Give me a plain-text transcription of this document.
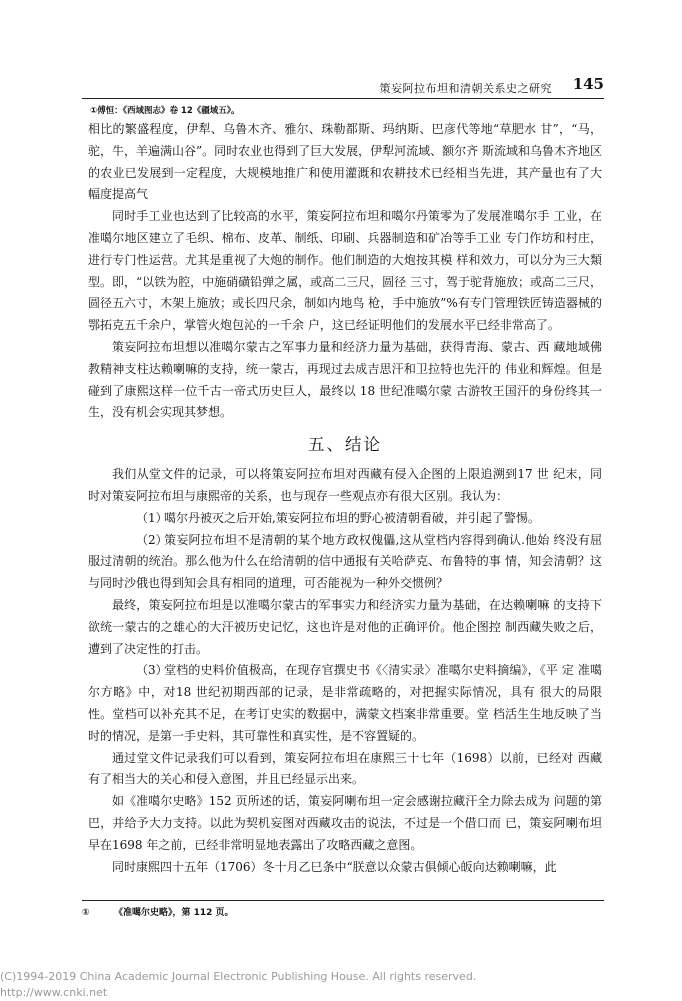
策妄阿拉布坦和清朝关系史之研究 145
①傅恒：《西域图志》卷 12《疆域五》。

相比的繁盛程度，伊犁、乌鲁木齐、雅尔、珠勒都斯、玛纳斯、巴彦代等地“草肥水 甘”，“马，驼，牛，羊遍满山谷”。同时农业也得到了巨大发展，伊犁河流域、额尔齐 斯流域和乌鲁木齐地区的农业已发展到一定程度，大规模地推广和使用灌溉和农耕技术已经相当先进，其产量也有了大幅度提高气

同时手工业也达到了比较高的水平，策妄阿拉布坦和噶尔丹策零为了发展准噶尔手 工业，在准噶尔地区建立了毛织、棉布、皮革、制纸、印刷、兵器制造和矿冶等手工业 专门作坊和村庄，进行专门性运营。尤其是重视了大炮的制作。他们制造的大炮按其模 样和效力，可以分为三大類型。即，“以铁为腔，中施硝磺铅弹之属，或高二三尺，圆径 三寸，驾于驼背施放；或高二三尺，圆径五六寸，木架上施放；或长四尺余，制如内地鸟 枪，手中施放”%有专门管理铁匠铸造器械的鄂拓克五千余户，掌管火炮包沁的一千余 户，这已经证明他们的发展水平已经非常高了。

策妄阿拉布坦想以准噶尔蒙古之军事力量和经济力量为基础，获得青海、蒙古、西 藏地域佛教精神支柱达赖喇嘛的支持，统一蒙古，再现过去成吉思汗和卫拉特也先汗的 伟业和辉煌。但是碰到了康熙这样一位千古一帝式历史巨人，最终以 18 世纪准噶尔蒙 古游牧王国汗的身份终其一生，没有机会实现其梦想。

五、结论

我们从堂文件的记录，可以将策妄阿拉布坦对西藏有侵入企图的上限追溯到17 世 纪末，同时对策妄阿拉布坦与康熙帝的关系，也与现存一些观点亦有很大区别。我认为：

（1）噶尔丹被灭之后开始,策妄阿拉布坦的野心被清朝看破，并引起了警惕。

（2）策妄阿拉布坦不是清朝的某个地方政权傀儡,这从堂档内容得到确认.他始 终没有屈服过清朝的统治。那么他为什么在给清朝的信中通报有关哈萨克、布鲁特的事 情，知会清朝？这与同时沙俄也得到知会具有相同的道理，可否能视为一种外交惯例？

最终，策妄阿拉布坦是以准噶尔蒙古的军事实力和经济实力量为基础，在达赖喇嘛 的支持下欲统一蒙古的之雄心的大汗被历史记忆，这也许是对他的正确评价。他企图控 制西藏失败之后，遭到了决定性的打击。

（3）堂档的史料价值极高，在现存官撰史书《〈清实录〉准噶尔史料摘编》，《平 定 准噶尔方略》中，对18 世纪初期西部的记录，是非常疏略的，对把握实际情况，具有 很大的局限性。堂档可以补充其不足，在考订史实的数据中，满蒙文档案非常重要。堂 档活生生地反映了当时的情况，是第一手史料，其可靠性和真实性，是不容置疑的。

通过堂文件记录我们可以看到，策妄阿拉布坦在康熙三十七年（1698）以前，已经对 西藏有了相当大的关心和侵入意图，并且已经显示出来。

如《准噶尔史略》152 页所述的话，策妄阿喇布坦一定会感谢拉藏汗全力除去成为 问题的第巴，并给予大力支持。以此为契机妄图对西藏攻击的说法，不过是一个借口而 已，策妄阿喇布坦早在1698 年之前，已经非常明显地表露出了攻略西藏之意图。

同时康熙四十五年（1706）冬十月乙巳条中“朕意以众蒙古俱倾心皈向达赖喇嘛，此

①	《准噶尔史略》，第 112 页。
(C)1994-2019 China Academic Journal Electronic Publishing House. All rights reserved.
http://www.cnki.net
